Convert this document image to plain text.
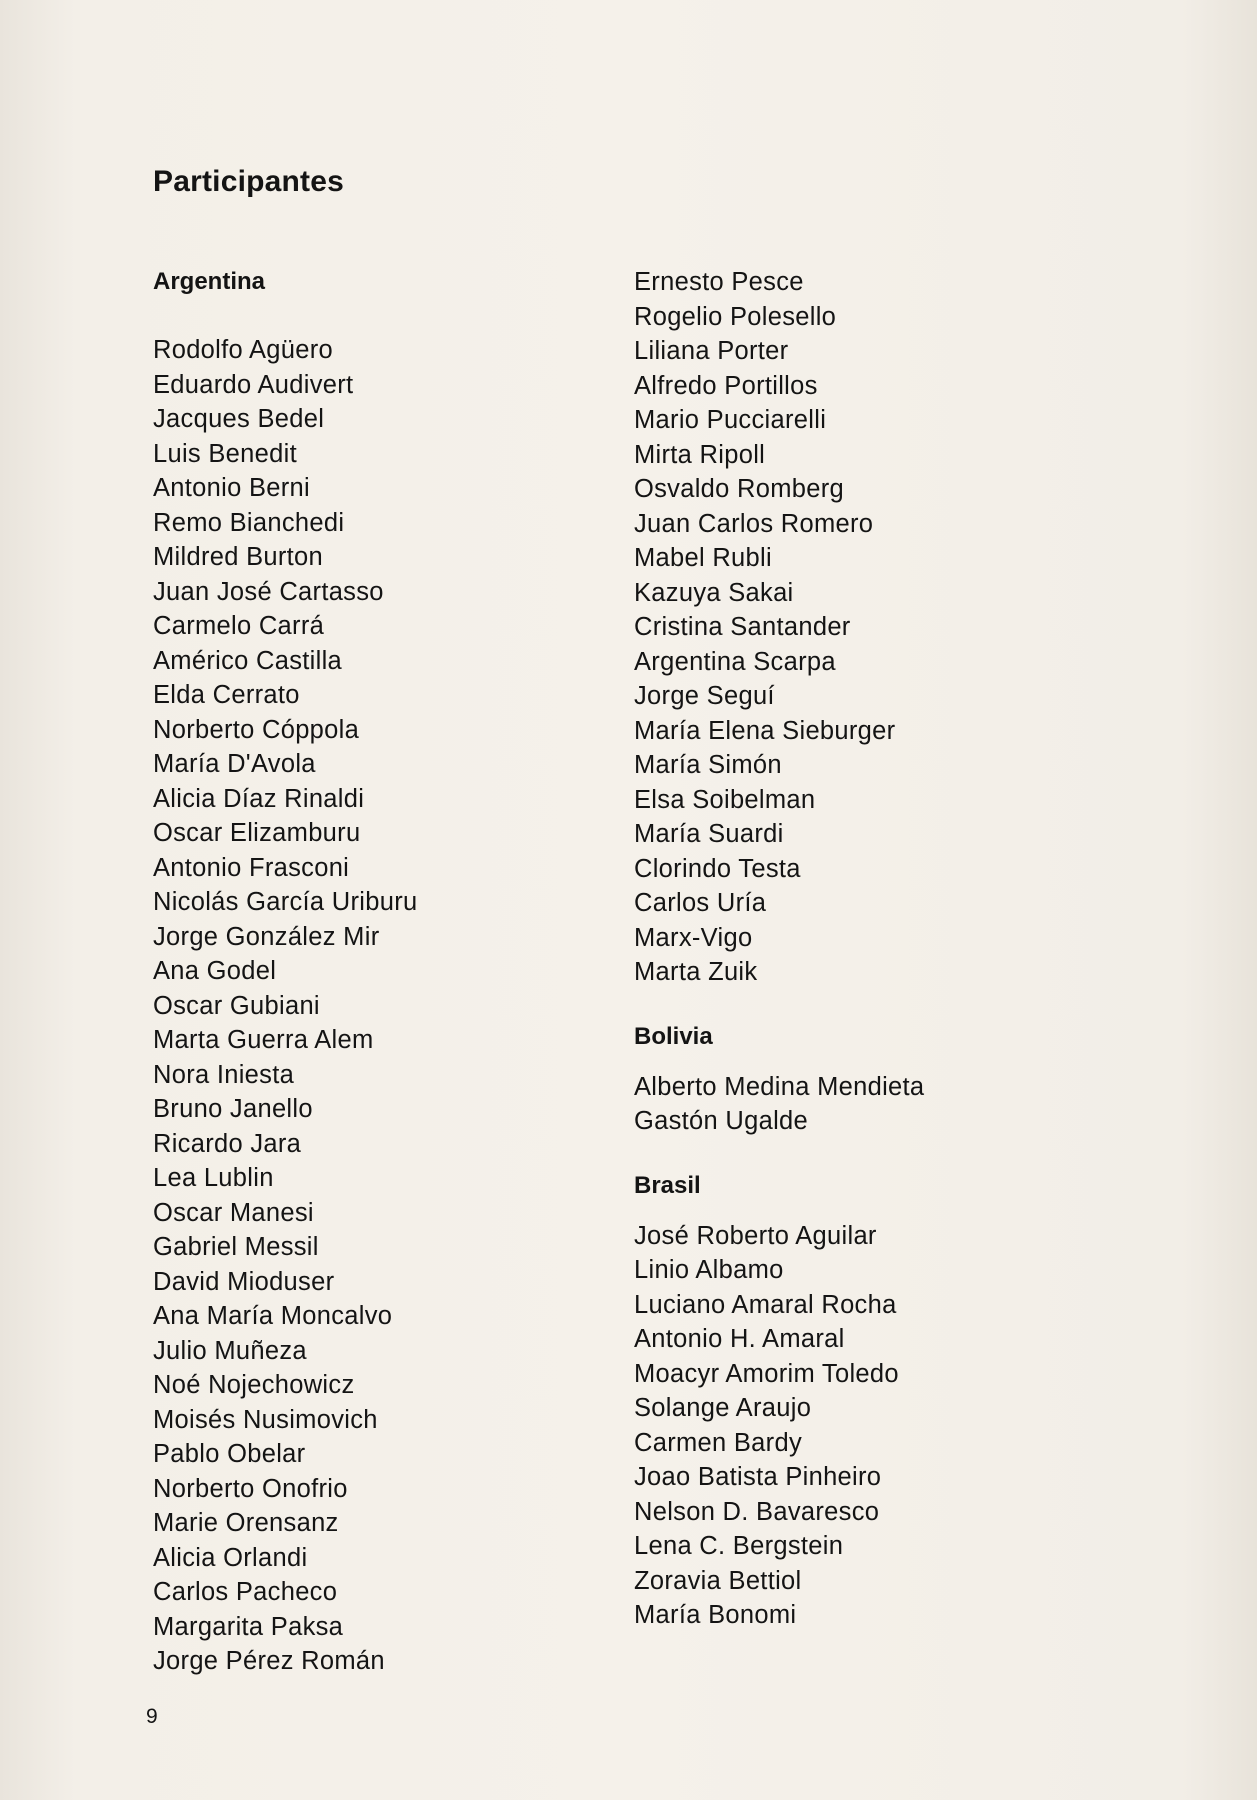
Participantes
Argentina
Rodolfo Agüero
Eduardo Audivert
Jacques Bedel
Luis Benedit
Antonio Berni
Remo Bianchedi
Mildred Burton
Juan José Cartasso
Carmelo Carrá
Américo Castilla
Elda Cerrato
Norberto Cóppola
María D'Avola
Alicia Díaz Rinaldi
Oscar Elizamburu
Antonio Frasconi
Nicolás García Uriburu
Jorge González Mir
Ana Godel
Oscar Gubiani
Marta Guerra Alem
Nora Iniesta
Bruno Janello
Ricardo Jara
Lea Lublin
Oscar Manesi
Gabriel Messil
David Mioduser
Ana María Moncalvo
Julio Muñeza
Noé Nojechowicz
Moisés Nusimovich
Pablo Obelar
Norberto Onofrio
Marie Orensanz
Alicia Orlandi
Carlos Pacheco
Margarita Paksa
Jorge Pérez Román
Ernesto Pesce
Rogelio Polesello
Liliana Porter
Alfredo Portillos
Mario Pucciarelli
Mirta Ripoll
Osvaldo Romberg
Juan Carlos Romero
Mabel Rubli
Kazuya Sakai
Cristina Santander
Argentina Scarpa
Jorge Seguí
María Elena Sieburger
María Simón
Elsa Soibelman
María Suardi
Clorindo Testa
Carlos Uría
Marx-Vigo
Marta Zuik
Bolivia
Alberto Medina Mendieta
Gastón Ugalde
Brasil
José Roberto Aguilar
Linio Albamo
Luciano Amaral Rocha
Antonio H. Amaral
Moacyr Amorim Toledo
Solange Araujo
Carmen Bardy
Joao Batista Pinheiro
Nelson D. Bavaresco
Lena C. Bergstein
Zoravia Bettiol
María Bonomi
9
